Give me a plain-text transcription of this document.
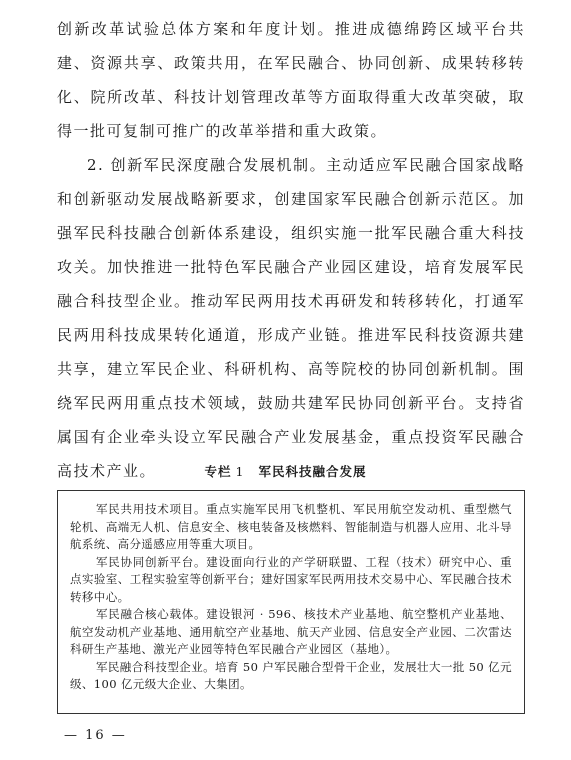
创新改革试验总体方案和年度计划。推进成德绵跨区域平台共建、资源共享、政策共用，在军民融合、协同创新、成果转移转化、院所改革、科技计划管理改革等方面取得重大改革突破，取得一批可复制可推广的改革举措和重大政策。

2. 创新军民深度融合发展机制。主动适应军民融合国家战略和创新驱动发展战略新要求，创建国家军民融合创新示范区。加强军民科技融合创新体系建设，组织实施一批军民融合重大科技攻关。加快推进一批特色军民融合产业园区建设，培育发展军民融合科技型企业。推动军民两用技术再研发和转移转化，打通军民两用科技成果转化通道，形成产业链。推进军民科技资源共建共享，建立军民企业、科研机构、高等院校的协同创新机制。围绕军民两用重点技术领域，鼓励共建军民协同创新平台。支持省属国有企业牵头设立军民融合产业发展基金，重点投资军民融合高技术产业。	专栏 1 军民科技融合发展

军民共用技术项目。重点实施军民用飞机整机、军民用航空发动机、重型燃气轮机、高端无人机、信息安全、核电装备及核燃料、智能制造与机器人应用、北斗导航系统、高分遥感应用等重大项目。

军民协同创新平台。建设面向行业的产学研联盟、工程（技术）研究中心、重点实验室、工程实验室等创新平台；建好国家军民两用技术交易中心、军民融合技术转移中心。

军民融合核心载体。建设银河 · 596、核技术产业基地、航空整机产业基地、航空发动机产业基地、通用航空产业基地、航天产业园、信息安全产业园、二次雷达科研生产基地、激光产业园等特色军民融合产业园区（基地）。

军民融合科技型企业。培育 50 户军民融合型骨干企业，发展壮大一批 50 亿元级、100 亿元级大企业、大集团。

— 16 —
